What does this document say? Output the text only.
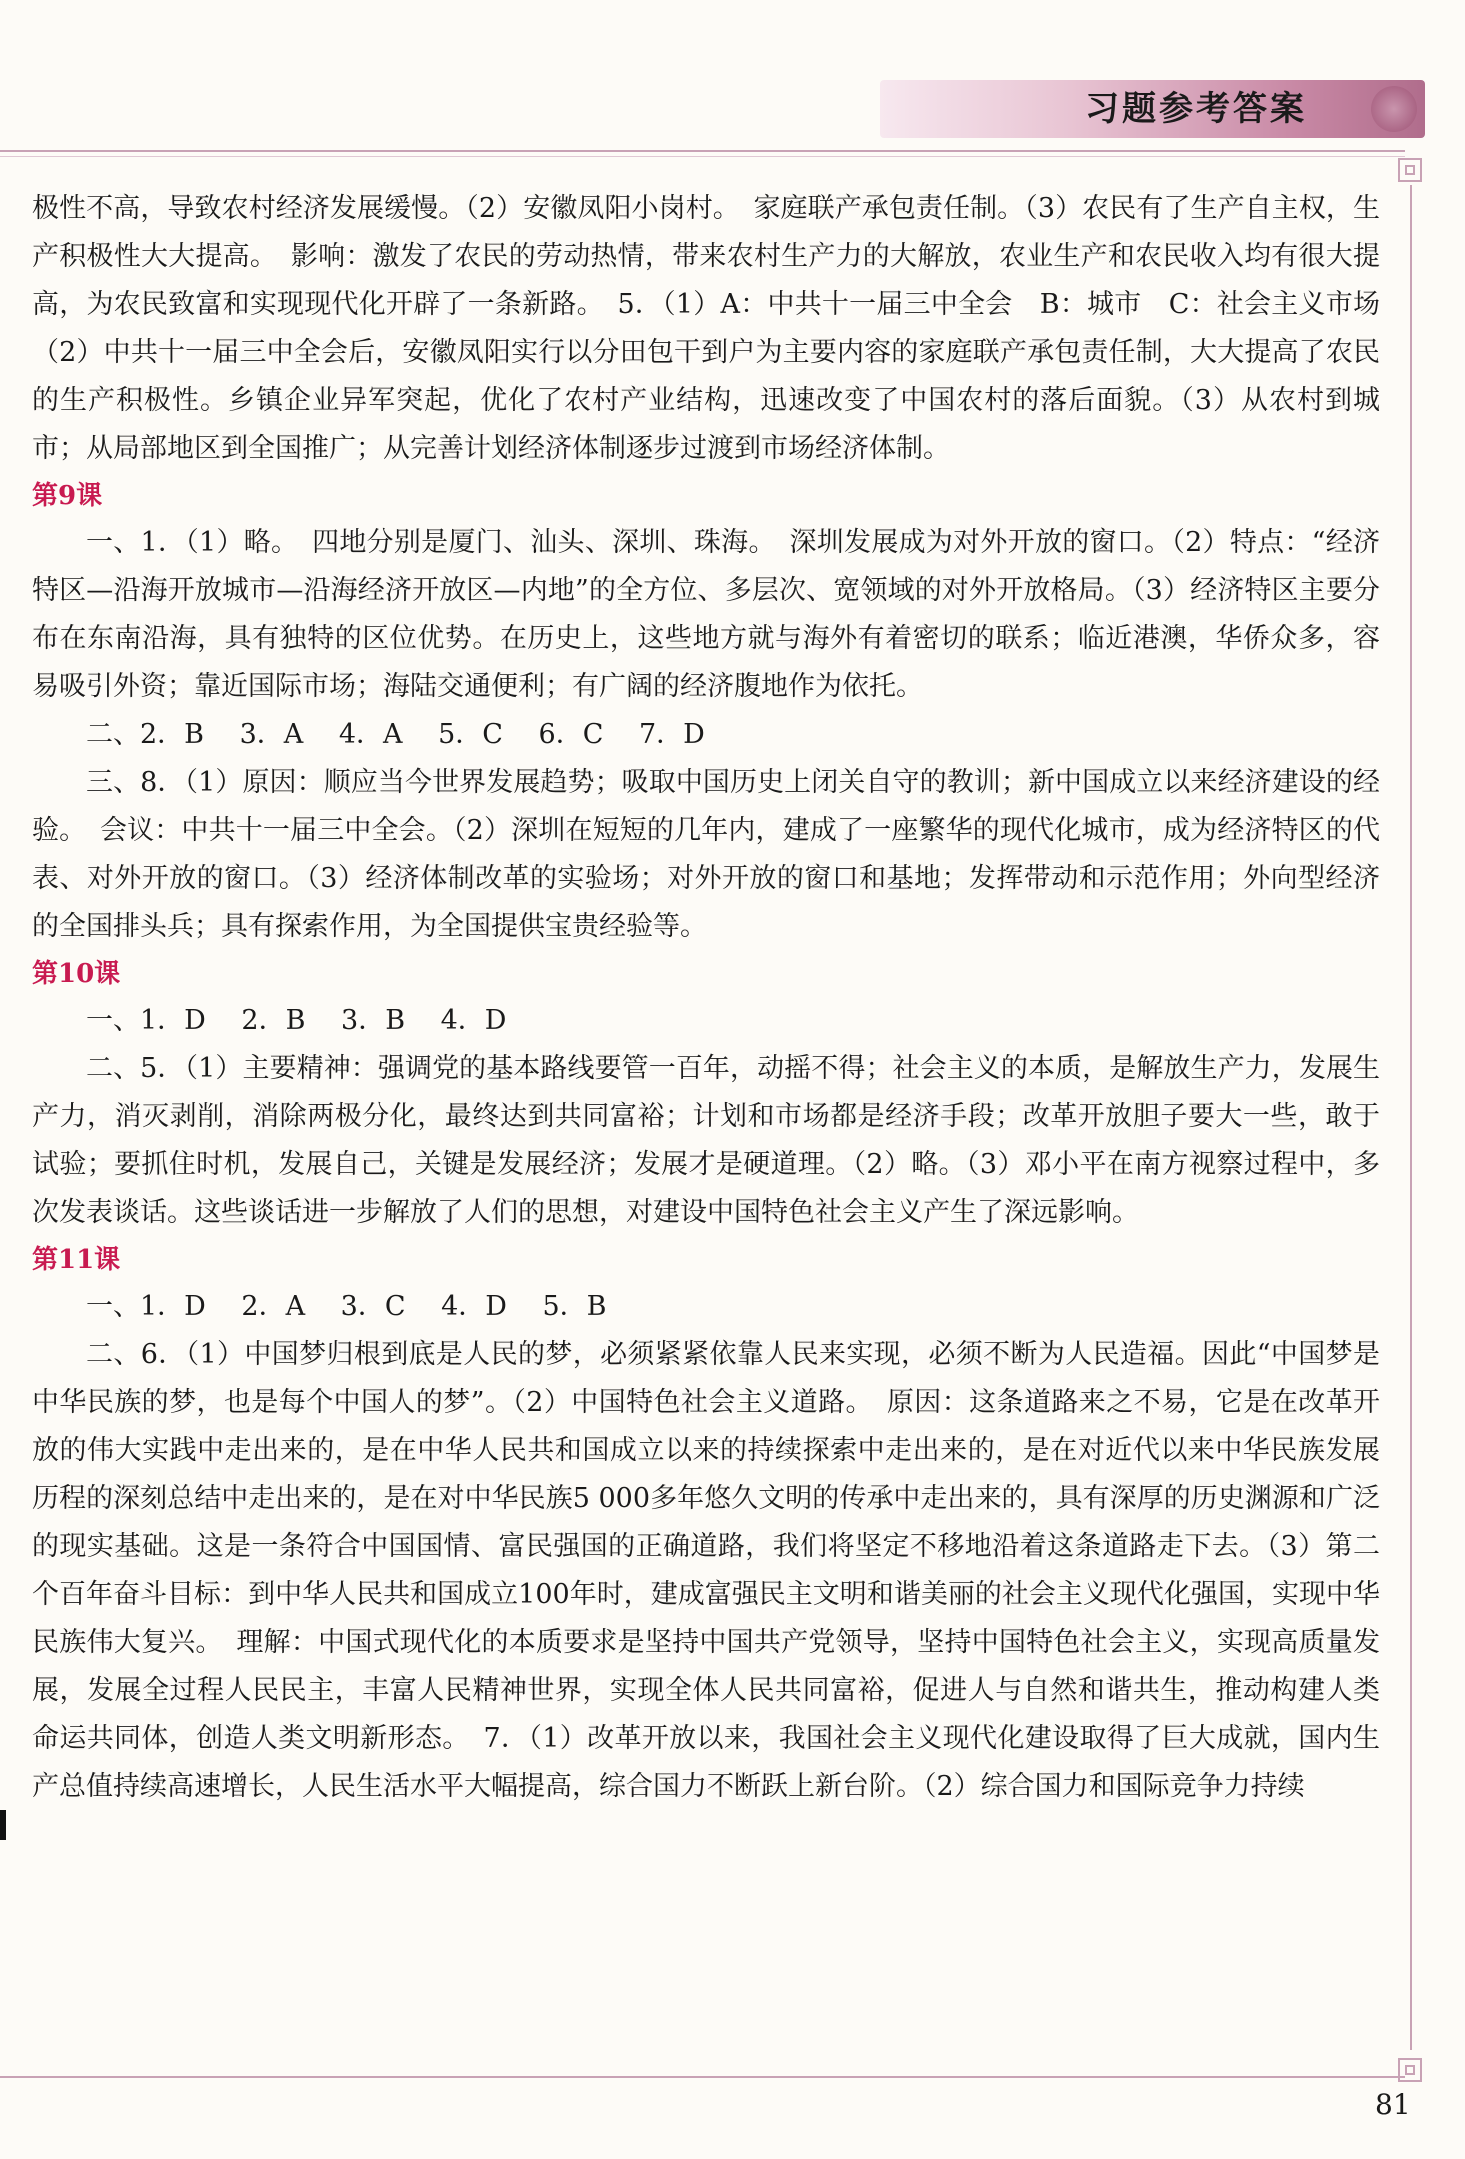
习题参考答案

极性不高，导致农村经济发展缓慢。（2）安徽凤阳小岗村。　家庭联产承包责任制。（3）农民有了生产自主权，生产积极性大大提高。　影响：激发了农民的劳动热情，带来农村生产力的大解放，农业生产和农民收入均有很大提高，为农民致富和实现现代化开辟了一条新路。　5．（1）A：中共十一届三中全会　B：城市　C：社会主义市场（2）中共十一届三中全会后，安徽凤阳实行以分田包干到户为主要内容的家庭联产承包责任制，大大提高了农民的生产积极性。乡镇企业异军突起，优化了农村产业结构，迅速改变了中国农村的落后面貌。（3）从农村到城市；从局部地区到全国推广；从完善计划经济体制逐步过渡到市场经济体制。

第9课

一、1．（1）略。　四地分别是厦门、汕头、深圳、珠海。　深圳发展成为对外开放的窗口。（2）特点：“经济特区—沿海开放城市—沿海经济开放区—内地”的全方位、多层次、宽领域的对外开放格局。（3）经济特区主要分布在东南沿海，具有独特的区位优势。在历史上，这些地方就与海外有着密切的联系；临近港澳，华侨众多，容易吸引外资；靠近国际市场；海陆交通便利；有广阔的经济腹地作为依托。

二、2．B　 3．A　 4．A　 5．C　 6．C　 7．D

三、8．（1）原因：顺应当今世界发展趋势；吸取中国历史上闭关自守的教训；新中国成立以来经济建设的经验。　会议：中共十一届三中全会。（2）深圳在短短的几年内，建成了一座繁华的现代化城市，成为经济特区的代表、对外开放的窗口。（3）经济体制改革的实验场；对外开放的窗口和基地；发挥带动和示范作用；外向型经济的全国排头兵；具有探索作用，为全国提供宝贵经验等。

第10课

一、1．D　 2．B　 3．B　 4．D

二、5．（1）主要精神：强调党的基本路线要管一百年，动摇不得；社会主义的本质，是解放生产力，发展生产力，消灭剥削，消除两极分化，最终达到共同富裕；计划和市场都是经济手段；改革开放胆子要大一些，敢于试验；要抓住时机，发展自己，关键是发展经济；发展才是硬道理。（2）略。（3）邓小平在南方视察过程中，多次发表谈话。这些谈话进一步解放了人们的思想，对建设中国特色社会主义产生了深远影响。

第11课

一、1．D　 2．A　 3．C　 4．D　 5．B

二、6．（1）中国梦归根到底是人民的梦，必须紧紧依靠人民来实现，必须不断为人民造福。因此“中国梦是中华民族的梦，也是每个中国人的梦”。（2）中国特色社会主义道路。　原因：这条道路来之不易，它是在改革开放的伟大实践中走出来的，是在中华人民共和国成立以来的持续探索中走出来的，是在对近代以来中华民族发展历程的深刻总结中走出来的，是在对中华民族5 000多年悠久文明的传承中走出来的，具有深厚的历史渊源和广泛的现实基础。这是一条符合中国国情、富民强国的正确道路，我们将坚定不移地沿着这条道路走下去。（3）第二个百年奋斗目标：到中华人民共和国成立100年时，建成富强民主文明和谐美丽的社会主义现代化强国，实现中华民族伟大复兴。　理解：中国式现代化的本质要求是坚持中国共产党领导，坚持中国特色社会主义，实现高质量发展，发展全过程人民民主，丰富人民精神世界，实现全体人民共同富裕，促进人与自然和谐共生，推动构建人类命运共同体，创造人类文明新形态。　7．（1）改革开放以来，我国社会主义现代化建设取得了巨大成就，国内生产总值持续高速增长，人民生活水平大幅提高，综合国力不断跃上新台阶。（2）综合国力和国际竞争力持续

81
